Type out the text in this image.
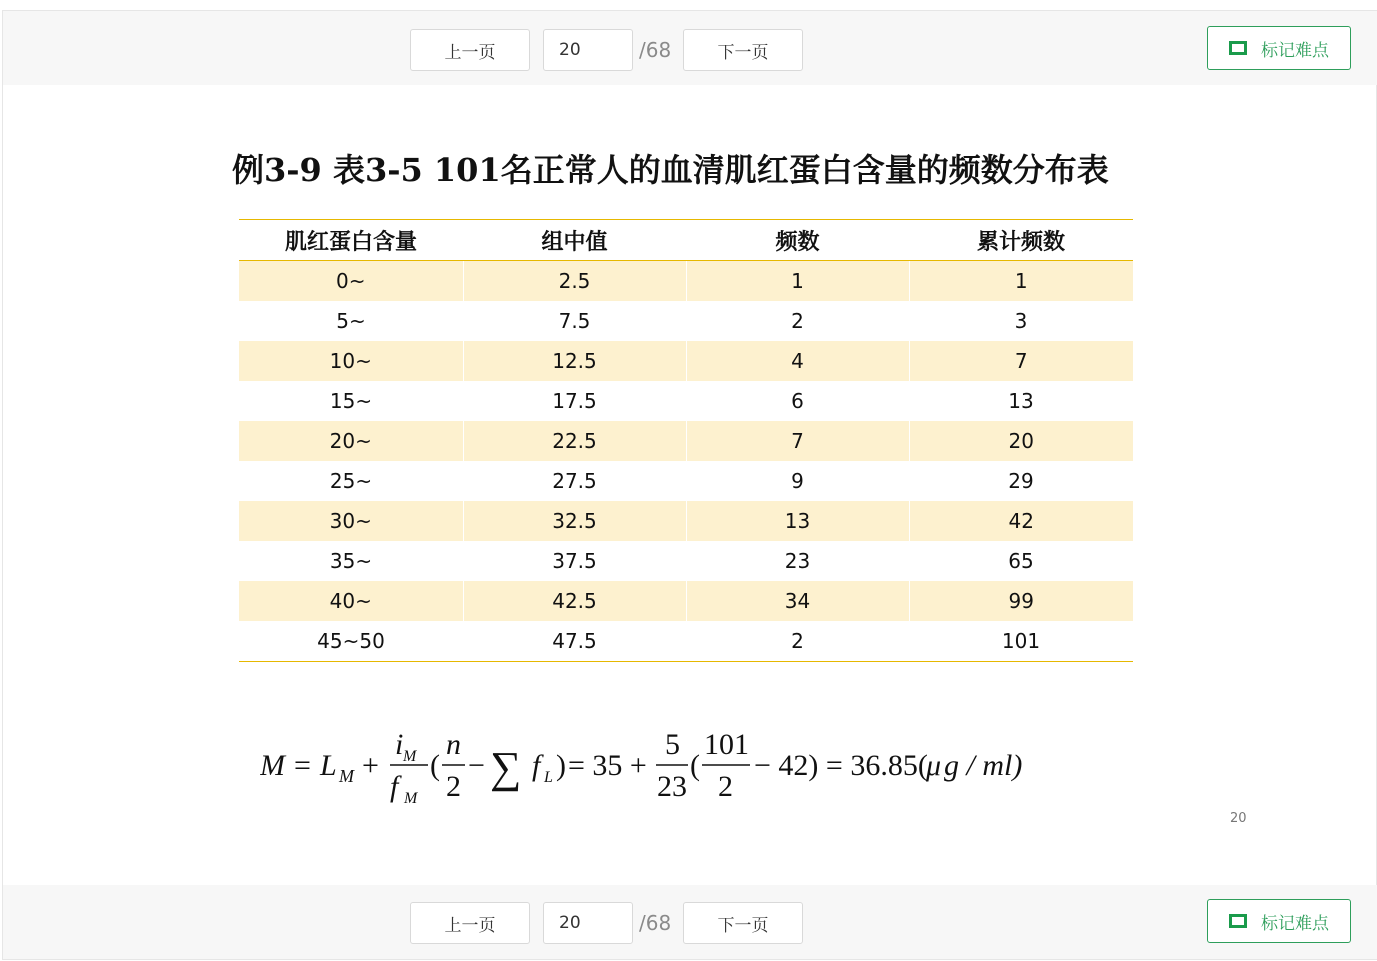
上一页	20	/68	下一页	标记难点
例3-9 表3-5 101名正常人的血清肌红蛋白含量的频数分布表
肌红蛋白含量	组中值	频数	累计频数
0~	2.5	1	1
5~	7.5	2	3
10~	12.5	4	7
15~	17.5	6	13
20~	22.5	7	20
25~	27.5	9	29
30~	32.5	13	42
35~	37.5	23	65
40~	42.5	34	99
45~50	47.5	2	101
M = L M +
i M
f M
(
n
2
− ∑ f L ) = 35 +
5
23
(
101
2
− 42) = 36.85(
μ g / ml)
20
上一页	20	/68	下一页	标记难点
